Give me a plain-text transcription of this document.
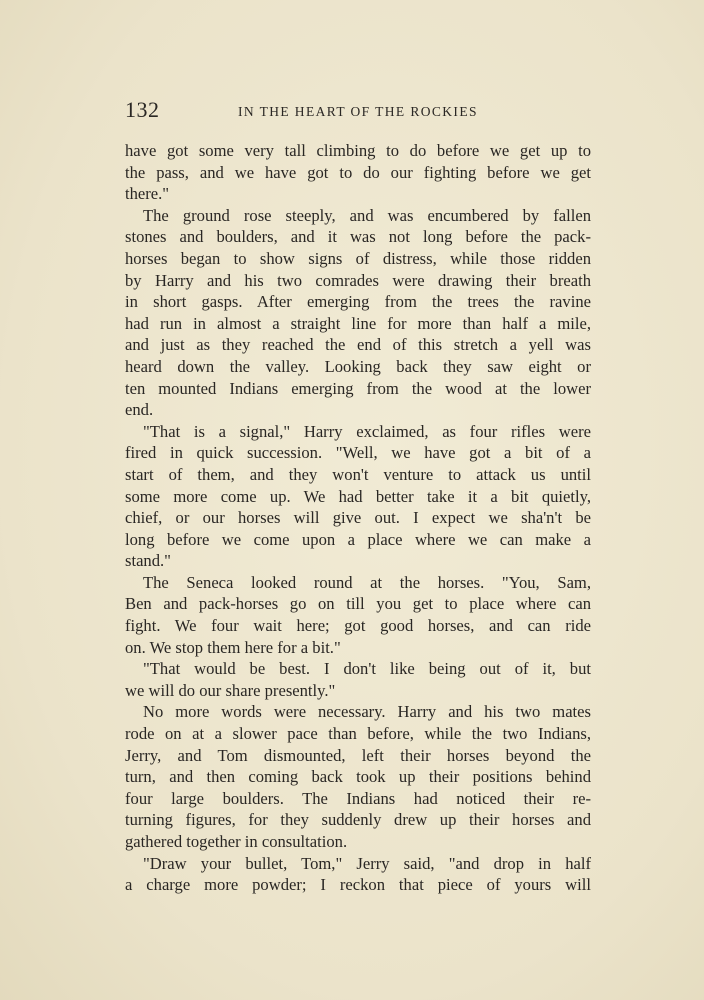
132	IN THE HEART OF THE ROCKIES
have got some very tall climbing to do before we get up to
the pass, and we have got to do our fighting before we get
there."
The ground rose steeply, and was encumbered by fallen
stones and boulders, and it was not long before the pack-
horses began to show signs of distress, while those ridden
by Harry and his two comrades were drawing their breath
in short gasps. After emerging from the trees the ravine
had run in almost a straight line for more than half a mile,
and just as they reached the end of this stretch a yell was
heard down the valley. Looking back they saw eight or
ten mounted Indians emerging from the wood at the lower
end.
"That is a signal," Harry exclaimed, as four rifles were
fired in quick succession. "Well, we have got a bit of a
start of them, and they won't venture to attack us until
some more come up. We had better take it a bit quietly,
chief, or our horses will give out. I expect we sha'n't be
long before we come upon a place where we can make a
stand."
The Seneca looked round at the horses. "You, Sam,
Ben and pack-horses go on till you get to place where can
fight. We four wait here; got good horses, and can ride
on. We stop them here for a bit."
"That would be best. I don't like being out of it, but
we will do our share presently."
No more words were necessary. Harry and his two mates
rode on at a slower pace than before, while the two Indians,
Jerry, and Tom dismounted, left their horses beyond the
turn, and then coming back took up their positions behind
four large boulders. The Indians had noticed their re-
turning figures, for they suddenly drew up their horses and
gathered together in consultation.
"Draw your bullet, Tom," Jerry said, "and drop in half
a charge more powder; I reckon that piece of yours will
